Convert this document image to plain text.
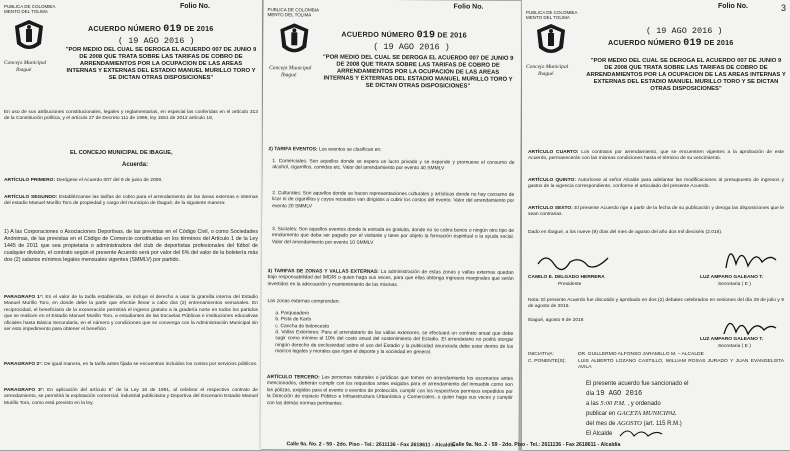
Folio No.
PUBLICA DE COLOMBIA
MENTO DEL TOLIMA
Concejo Municipal
Ibagué
ACUERDO NÚMERO 019 DE 2016
( 19 AGO 2016 )
"POR MEDIO DEL CUAL SE DEROGA EL ACUERDO 007 DE JUNIO 9 DE 2008 QUE TRATA SOBRE LAS TARIFAS DE COBRO DE ARRENDAMIENTOS POR LA OCUPACION DE LAS AREAS INTERNAS Y EXTERNAS DEL ESTADIO MANUEL MURILLO TORO Y SE DICTAN OTRAS DISPOSICIONES"
En uso de sus atribuciones constitucionales, legales y reglamentarias, en especial las conferidas en el artículo 313 de la Constitución política, y el artículo 27 de Decreto 111 de 1996, ley 1551 de 2012 artículo 18,
EL CONCEJO MUNICIPAL DE IBAGUE,
Acuerda:
ARTÍCULO PRIMERO: Derógese el Acuerdo 007 del 9 de junio de 2008.
ARTÍCULO SEGUNDO: Establézcanse las tarifas de cobro para el arrendamiento de las áreas externas e internas del estadio Manuel Murillo Toro de propiedad y cargo del municipio de Ibagué, de la siguiente manera:
1) A las Corporaciones o Asociaciones Deportivas, de las previstas en el Código Civil, o como Sociedades Anónimas, de las previstas en el Código de Comercio constituidas en los términos del Artículo 1 de la Ley 1445 de 2011 que sea propietaria o administradora del club de deportistas profesionales del fútbol de cualquier división, el contrato según el presente Acuerdo será por valor del 6% del valor de la boletería más dos (2) salarios mínimos legales mensuales vigentes (SMMLV) por partido.
PARAGRAFO 1°: En el valor de la tarifa establecida, se incluye el derecho a usar la gramilla interna del Estadio Manuel Murillo Toro, en donde debe la parte que efectúe llevar a cabo dos (2) entrenamientos semanales. En reciprocidad, el beneficiario de la exoneración permitirá el ingreso gratuito a la gradería norte en todos los partidos que se realicen en el Estadio Manuel Murillo Toro, a estudiantes de las Escuelas Públicas e instituciones educativas oficiales hasta Básica Secundaria, en el número y condiciones que se convenga con la Administración Municipal sin ser esto impedimento para obtener el beneficio
PARAGRAFO 2°: De igual manera, en la tarifa antes fijada se encuentran incluidos los costos por servicios públicos.
PARAGRAFO 3°: En aplicación del artículo 6° de la Ley 16 de 1991, al celebrar el respectivo contrato de arrendamiento, se permitirá la explotación comercial, industrial publicitaria y Deportiva del Escenario Estadio Manuel Murillo Toro, como está previsto en la ley.
Folio No.
PUBLICA DE COLOMBIA
MENTO DEL TOLIMA
Concejo Municipal
Ibagué
ACUERDO NÚMERO 019 DE 2016
( 19 AGO 2016 )
"POR MEDIO DEL CUAL SE DEROGA EL ACUERDO 007 DE JUNIO 9 DE 2008 QUE TRATA SOBRE LAS TARIFAS DE COBRO DE ARRENDAMIENTOS POR LA OCUPACION DE LAS AREAS INTERNAS Y EXTERNAS DEL ESTADIO MANUEL MURILLO TORO Y SE DICTAN OTRAS DISPOSICIONES"
2) TARIFA EVENTOS: Los eventos se clasifican en:
1. Comerciales: Son aquellos donde se espera un lucro privado y se expende y promueve el consumo de alcohol, cigarrillos, comidas etc. Valor del arrendamiento por evento 40 SMMLV
2. Culturales: Son aquellos donde se hacen representaciones culturales y artísticas donde no hay consumo de licor ni de cigarrillos y cuyos recaudos van dirigidos a cubrir los costos del evento. Valor del arrendamiento por evento 20 SMMLV
3. Sociales: Son aquellos eventos donde la entrada es gratuita, donde no se cobra bonos o ningún otro tipo de emolumento que deba ser pagado por el visitante y tiene por objeto la formación espiritual o la ayuda social. Valor del arrendamiento por evento 10 SMMLV
3) TARIFAS DE ZONAS Y VALLAS EXTERNAS: La administración de estas zonas y vallas externas quedan bajo responsabilidad del IMDRI o quien haga sus veces, para que ellas obtenga ingresos marginales que serán invertidos en la adecuación y mantenimiento de las mismas.
Las zonas externas comprenden:
a. Parqueadero
b. Pista de Karts
c. Cancha de baloncesto
d. Vallas Exteriores: Para el arrendatario de las vallas exteriores, se efectuará un contrato anual que debe sugir como mínimo el 10% del costo anual del sostenimiento del Estadio. El arrendatario no podrá otorgar ningún derecho de exclusividad sobre el uso del Estadio y la publicidad anunciada debe estar dentro de los marcos legales y morales que rigen el deporte y la sociedad en general.
ARTÍCULO TERCERO: Las personas naturales o jurídicas que tomen en arrendamiento los escenarios antes mencionados, deberán cumplir con los requisitos antes exigidos para el arrendamiento del inmueble como son las pólizas, exigidas para el evento o eventos de protección, cumplir con los respectivos permisos expedidos por la Dirección de espacio Público e Infraestructura Urbanística y Comerciales, o quien haga sus veces y cumplir con las demás normas pertinentes.
Calle 9a. No. 2 - 59 - 2do. Piso - Tel.: 2611136 - Fax 2618611 - Alcaldía
Folio No.	3
PUBLICA DE COLOMBIA
MENTO DEL TOLIMA
Concejo Municipal
Ibagué
ACUERDO NÚMERO 019 DE 2016
( 19 AGO 2016 )
"POR MEDIO DEL CUAL SE DEROGA EL ACUERDO 007 DE JUNIO 9 DE 2008 QUE TRATA SOBRE LAS TARIFAS DE COBRO DE ARRENDAMIENTOS POR LA OCUPACION DE LAS AREAS INTERNAS Y EXTERNAS DEL ESTADIO MANUEL MURILLO TORO Y SE DICTAN OTRAS DISPOSICIONES"
ARTÍCULO CUARTO: Los contratos por arrendamiento, que se encuentren vigentes a la aprobación de este Acuerdo, permanecerán con las mismas condiciones hasta el término de su vencimiento.
ARTÍCULO QUINTO: Autorícese al señor Alcalde para adelantar las modificaciones al presupuesto de ingresos y gastos de la vigencia correspondiente, conforme el articulado del presente Acuerdo.
ARTÍCULO SEXTO: El presente Acuerdo rige a partir de la fecha de su publicación y deroga las disposiciones que le sean contrarias.
Dado en Ibagué, a los nueve (9) días del mes de agosto del año dos mil dieciséis (2.016).
CAMILO E. DELGADO HERRERA
Presidente
LUZ AMPARO GALEANO T.
Secretaria ( E )
Nota: El presente Acuerdo fue discutido y aprobado en dos (2) debates celebrados en sesiones del día 29 de julio y 9 de agosto de 2016.
Ibagué, agosto 9 de 2016
LUZ AMPARO GALEANO T.
Secretaria ( E )
INICIATIVA:	DR. GUILLERMO ALFONSO JARAMILLO M. – ALCALDE
C. PONENTE(S):	LUIS ALBERTO LOZANO CASTILLO, WILLIAM ROSAS JURADO Y JUAN EVANGELISTA AVILA
El presente acuerdo fue sancionado el
día 19 AGO 2016
a las 5:00 P.M. , y ordenado
publicar en GACETA MUNICIPAL
del mes de AGOSTO (art. 115 R.M.)
El Alcalde
Calle 9a. No. 2 - 59 - 2do. Piso - Tel.: 2611136 - Fax 2618611 - Alcaldía
